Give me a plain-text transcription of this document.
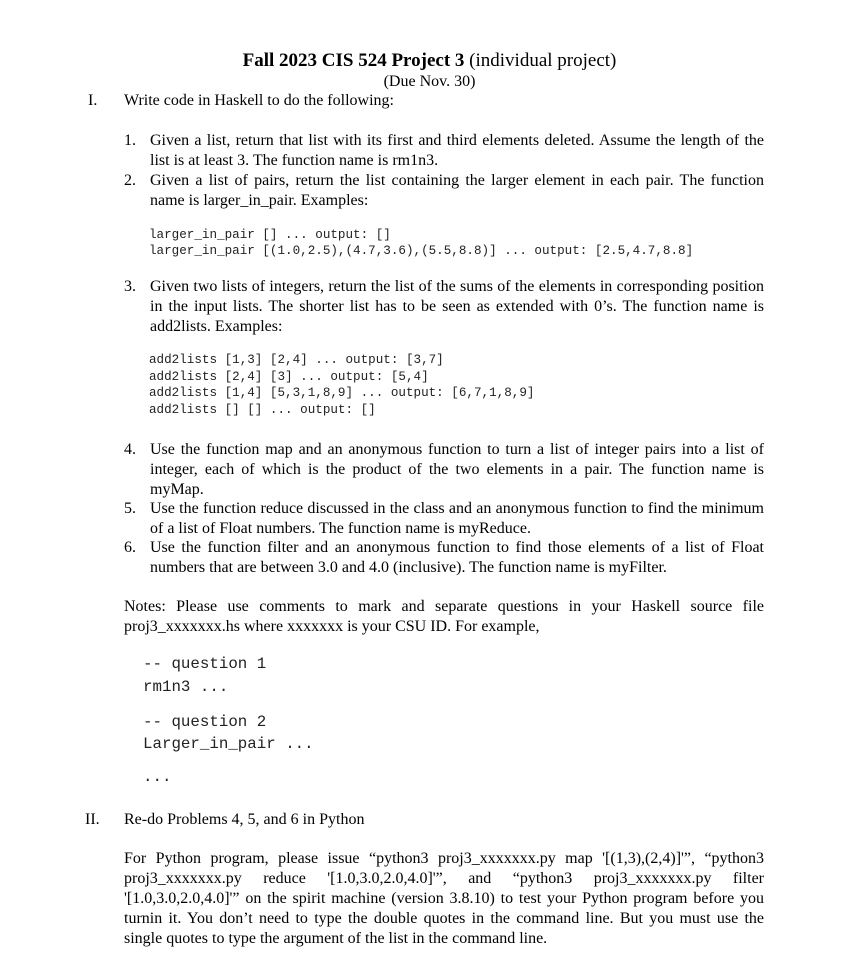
Fall 2023 CIS 524 Project 3 (individual project)
(Due Nov. 30)
I. Write code in Haskell to do the following:
1. Given a list, return that list with its first and third elements deleted. Assume the length of the list is at least 3. The function name is rm1n3.
2. Given a list of pairs, return the list containing the larger element in each pair. The function name is larger_in_pair. Examples:
larger_in_pair [] ... output: []
larger_in_pair [(1.0,2.5),(4.7,3.6),(5.5,8.8)] ... output: [2.5,4.7,8.8]
3. Given two lists of integers, return the list of the sums of the elements in corresponding position in the input lists. The shorter list has to be seen as extended with 0’s. The function name is add2lists. Examples:
add2lists [1,3] [2,4] ... output: [3,7]
add2lists [2,4] [3] ... output: [5,4]
add2lists [1,4] [5,3,1,8,9] ... output: [6,7,1,8,9]
add2lists [] [] ... output: []
4. Use the function map and an anonymous function to turn a list of integer pairs into a list of integer, each of which is the product of the two elements in a pair. The function name is myMap.
5. Use the function reduce discussed in the class and an anonymous function to find the minimum of a list of Float numbers. The function name is myReduce.
6. Use the function filter and an anonymous function to find those elements of a list of Float numbers that are between 3.0 and 4.0 (inclusive). The function name is myFilter.
Notes: Please use comments to mark and separate questions in your Haskell source file proj3_xxxxxxx.hs where xxxxxxx is your CSU ID. For example,
-- question 1
rm1n3 ...
-- question 2
Larger_in_pair ...
...
II. Re-do Problems 4, 5, and 6 in Python
For Python program, please issue “python3 proj3_xxxxxxx.py map '[(1,3),(2,4)]'”, “python3 proj3_xxxxxxx.py reduce '[1.0,3.0,2.0,4.0]'”, and “python3 proj3_xxxxxxx.py filter '[1.0,3.0,2.0,4.0]'” on the spirit machine (version 3.8.10) to test your Python program before you turnin it. You don’t need to type the double quotes in the command line. But you must use the single quotes to type the argument of the list in the command line.
